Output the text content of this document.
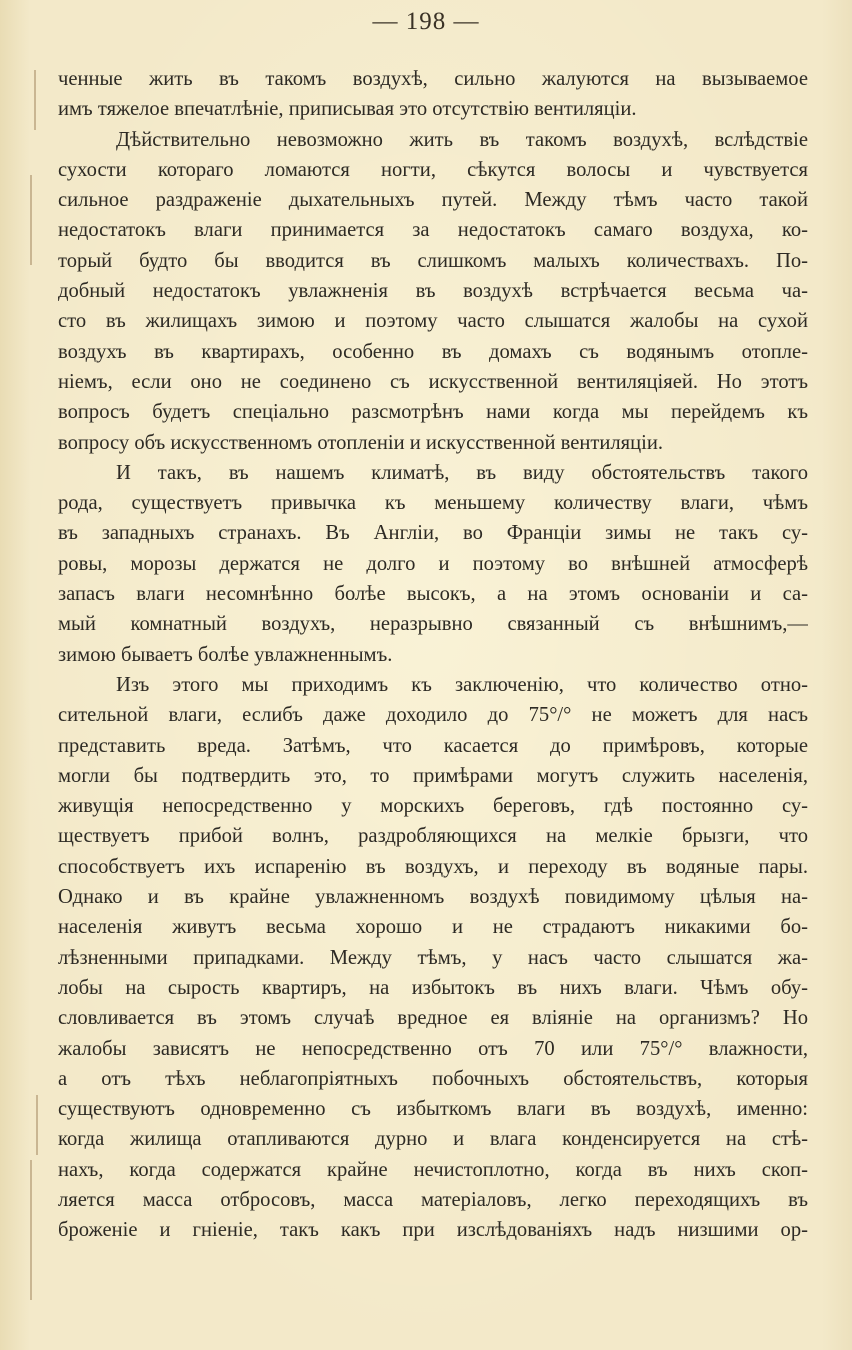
— 198 —
ченные жить въ такомъ воздухѣ, сильно жалуются на вызываемое
имъ тяжелое впечатлѣніе, приписывая это отсутствію вентиляціи.
Дѣйствительно невозможно жить въ такомъ воздухѣ, вслѣдствіе
сухости котораго ломаются ногти, сѣкутся волосы и чувствуется
сильное раздраженіе дыхательныхъ путей. Между тѣмъ часто такой
недостатокъ влаги принимается за недостатокъ самаго воздуха, ко-
торый будто бы вводится въ слишкомъ малыхъ количествахъ. По-
добный недостатокъ увлажненія въ воздухѣ встрѣчается весьма ча-
сто въ жилищахъ зимою и поэтому часто слышатся жалобы на сухой
воздухъ въ квартирахъ, особенно въ домахъ съ водянымъ отопле-
ніемъ, если оно не соединено съ искусственной вентиляціяей. Но этотъ
вопросъ будетъ спеціально разсмотрѣнъ нами когда мы перейдемъ къ
вопросу объ искусственномъ отопленіи и искусственной вентиляціи.
И такъ, въ нашемъ климатѣ, въ виду обстоятельствъ такого
рода, существуетъ привычка къ меньшему количеству влаги, чѣмъ
въ западныхъ странахъ. Въ Англіи, во Франціи зимы не такъ су-
ровы, морозы держатся не долго и поэтому во внѣшней атмосферѣ
запасъ влаги несомнѣнно болѣе высокъ, а на этомъ основаніи и са-
мый комнатный воздухъ, неразрывно связанный съ внѣшнимъ,—
зимою бываетъ болѣе увлажненнымъ.
Изъ этого мы приходимъ къ заключенію, что количество отно-
сительной влаги, еслибъ даже доходило до 75°/° не можетъ для насъ
представить вреда. Затѣмъ, что касается до примѣровъ, которые
могли бы подтвердить это, то примѣрами могутъ служить населенія,
живущія непосредственно у морскихъ береговъ, гдѣ постоянно су-
ществуетъ прибой волнъ, раздробляющихся на мелкіе брызги, что
способствуетъ ихъ испаренію въ воздухъ, и переходу въ водяные пары.
Однако и въ крайне увлажненномъ воздухѣ повидимому цѣлыя на-
населенія живутъ весьма хорошо и не страдаютъ никакими бо-
лѣзненными припадками. Между тѣмъ, у насъ часто слышатся жа-
лобы на сырость квартиръ, на избытокъ въ нихъ влаги. Чѣмъ обу-
словливается въ этомъ случаѣ вредное ея вліяніе на организмъ? Но
жалобы зависятъ не непосредственно отъ 70 или 75°/° влажности,
а отъ тѣхъ неблагопріятныхъ побочныхъ обстоятельствъ, которыя
существуютъ одновременно съ избыткомъ влаги въ воздухѣ, именно:
когда жилища отапливаются дурно и влага конденсируется на стѣ-
нахъ, когда содержатся крайне нечистоплотно, когда въ нихъ скоп-
ляется масса отбросовъ, масса матеріаловъ, легко переходящихъ въ
броженіе и гніеніе, такъ какъ при изслѣдованіяхъ надъ низшими ор-
